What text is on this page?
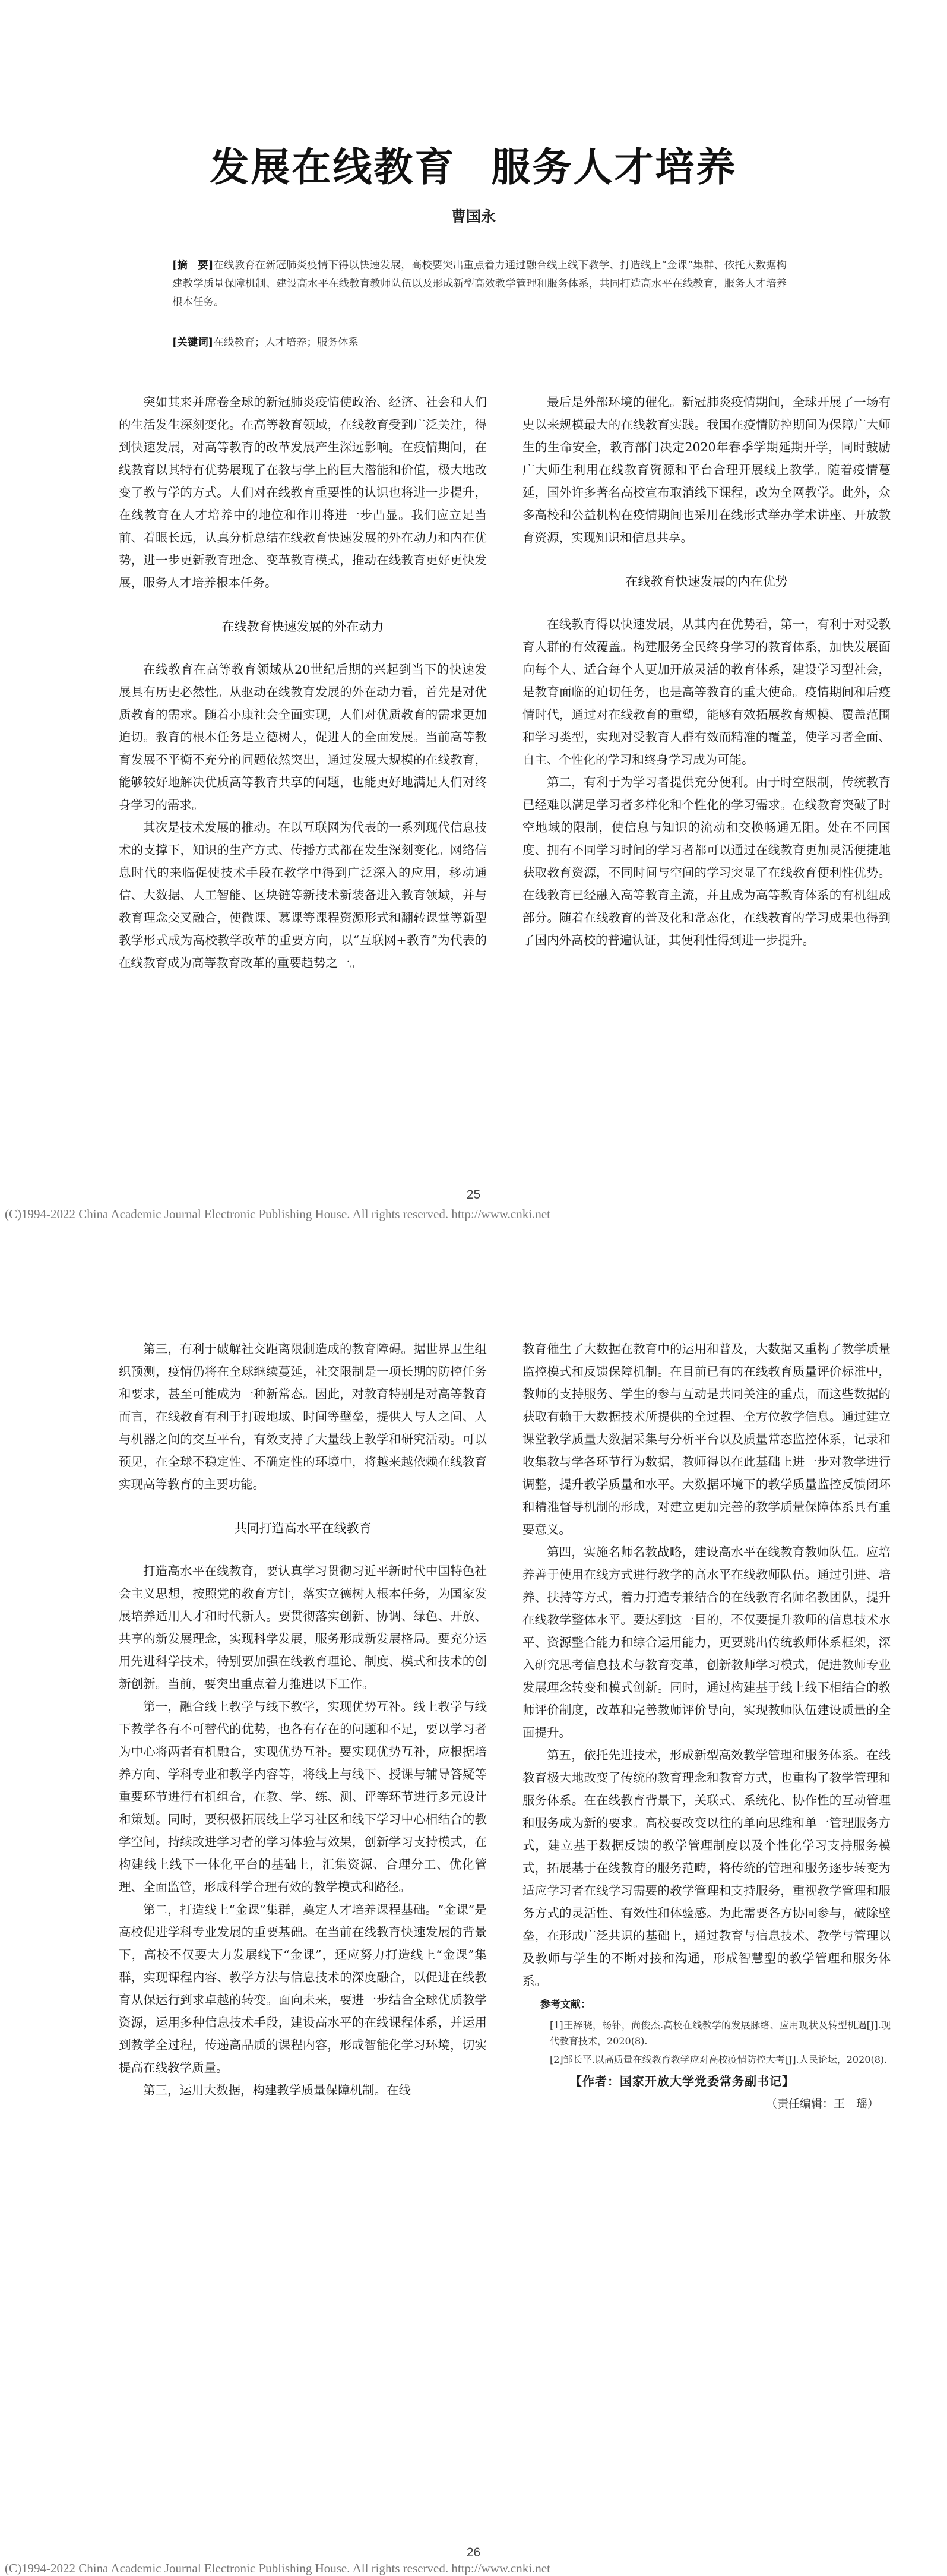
发展在线教育 服务人才培养
曹国永
[摘　要]在线教育在新冠肺炎疫情下得以快速发展，高校要突出重点着力通过融合线上线下教学、打造线上“金课”集群、依托大数据构建教学质量保障机制、建设高水平在线教育教师队伍以及形成新型高效教学管理和服务体系，共同打造高水平在线教育，服务人才培养根本任务。
[关键词]在线教育；人才培养；服务体系

突如其来并席卷全球的新冠肺炎疫情使政治、经济、社会和人们的生活发生深刻变化。在高等教育领域，在线教育受到广泛关注，得到快速发展，对高等教育的改革发展产生深远影响。在疫情期间，在线教育以其特有优势展现了在教与学上的巨大潜能和价值，极大地改变了教与学的方式。人们对在线教育重要性的认识也将进一步提升，在线教育在人才培养中的地位和作用将进一步凸显。我们应立足当前、着眼长远，认真分析总结在线教育快速发展的外在动力和内在优势，进一步更新教育理念、变革教育模式，推动在线教育更好更快发展，服务人才培养根本任务。

在线教育快速发展的外在动力

在线教育在高等教育领域从20世纪后期的兴起到当下的快速发展具有历史必然性。从驱动在线教育发展的外在动力看，首先是对优质教育的需求。随着小康社会全面实现，人们对优质教育的需求更加迫切。教育的根本任务是立德树人，促进人的全面发展。当前高等教育发展不平衡不充分的问题依然突出，通过发展大规模的在线教育，能够较好地解决优质高等教育共享的问题，也能更好地满足人们对终身学习的需求。

其次是技术发展的推动。在以互联网为代表的一系列现代信息技术的支撑下，知识的生产方式、传播方式都在发生深刻变化。网络信息时代的来临促使技术手段在教学中得到广泛深入的应用，移动通信、大数据、人工智能、区块链等新技术新装备进入教育领域，并与教育理念交叉融合，使微课、慕课等课程资源形式和翻转课堂等新型教学形式成为高校教学改革的重要方向，以“互联网+教育”为代表的在线教育成为高等教育改革的重要趋势之一。

最后是外部环境的催化。新冠肺炎疫情期间，全球开展了一场有史以来规模最大的在线教育实践。我国在疫情防控期间为保障广大师生的生命安全，教育部门决定2020年春季学期延期开学，同时鼓励广大师生利用在线教育资源和平台合理开展线上教学。随着疫情蔓延，国外许多著名高校宣布取消线下课程，改为全网教学。此外，众多高校和公益机构在疫情期间也采用在线形式举办学术讲座、开放教育资源，实现知识和信息共享。

在线教育快速发展的内在优势

在线教育得以快速发展，从其内在优势看，第一，有利于对受教育人群的有效覆盖。构建服务全民终身学习的教育体系，加快发展面向每个人、适合每个人更加开放灵活的教育体系，建设学习型社会，是教育面临的迫切任务，也是高等教育的重大使命。疫情期间和后疫情时代，通过对在线教育的重塑，能够有效拓展教育规模、覆盖范围和学习类型，实现对受教育人群有效而精准的覆盖，使学习者全面、自主、个性化的学习和终身学习成为可能。

第二，有利于为学习者提供充分便利。由于时空限制，传统教育已经难以满足学习者多样化和个性化的学习需求。在线教育突破了时空地域的限制，使信息与知识的流动和交换畅通无阻。处在不同国度、拥有不同学习时间的学习者都可以通过在线教育更加灵活便捷地获取教育资源，不同时间与空间的学习突显了在线教育便利性优势。在线教育已经融入高等教育主流，并且成为高等教育体系的有机组成部分。随着在线教育的普及化和常态化，在线教育的学习成果也得到了国内外高校的普遍认证，其便利性得到进一步提升。

25
(C)1994-2022 China Academic Journal Electronic Publishing House. All rights reserved. http://www.cnki.net

第三，有利于破解社交距离限制造成的教育障碍。据世界卫生组织预测，疫情仍将在全球继续蔓延，社交限制是一项长期的防控任务和要求，甚至可能成为一种新常态。因此，对教育特别是对高等教育而言，在线教育有利于打破地域、时间等壁垒，提供人与人之间、人与机器之间的交互平台，有效支持了大量线上教学和研究活动。可以预见，在全球不稳定性、不确定性的环境中，将越来越依赖在线教育实现高等教育的主要功能。

共同打造高水平在线教育

打造高水平在线教育，要认真学习贯彻习近平新时代中国特色社会主义思想，按照党的教育方针，落实立德树人根本任务，为国家发展培养适用人才和时代新人。要贯彻落实创新、协调、绿色、开放、共享的新发展理念，实现科学发展，服务形成新发展格局。要充分运用先进科学技术，特别要加强在线教育理论、制度、模式和技术的创新创新。当前，要突出重点着力推进以下工作。

第一，融合线上教学与线下教学，实现优势互补。线上教学与线下教学各有不可替代的优势，也各有存在的问题和不足，要以学习者为中心将两者有机融合，实现优势互补。要实现优势互补，应根据培养方向、学科专业和教学内容等，将线上与线下、授课与辅导答疑等重要环节进行有机组合，在教、学、练、测、评等环节进行多元设计和策划。同时，要积极拓展线上学习社区和线下学习中心相结合的教学空间，持续改进学习者的学习体验与效果，创新学习支持模式，在构建线上线下一体化平台的基础上，汇集资源、合理分工、优化管理、全面监管，形成科学合理有效的教学模式和路径。

第二，打造线上“金课”集群，奠定人才培养课程基础。“金课”是高校促进学科专业发展的重要基础。在当前在线教育快速发展的背景下，高校不仅要大力发展线下“金课”，还应努力打造线上“金课”集群，实现课程内容、教学方法与信息技术的深度融合，以促进在线教育从保运行到求卓越的转变。面向未来，要进一步结合全球优质教学资源，运用多种信息技术手段，建设高水平的在线课程体系，并运用到教学全过程，传递高品质的课程内容，形成智能化学习环境，切实提高在线教学质量。

第三，运用大数据，构建教学质量保障机制。在线

教育催生了大数据在教育中的运用和普及，大数据又重构了教学质量监控模式和反馈保障机制。在目前已有的在线教育质量评价标准中，教师的支持服务、学生的参与互动是共同关注的重点，而这些数据的获取有赖于大数据技术所提供的全过程、全方位教学信息。通过建立课堂教学质量大数据采集与分析平台以及质量常态监控体系，记录和收集教与学各环节行为数据，教师得以在此基础上进一步对教学进行调整，提升教学质量和水平。大数据环境下的教学质量监控反馈闭环和精准督导机制的形成，对建立更加完善的教学质量保障体系具有重要意义。

第四，实施名师名教战略，建设高水平在线教育教师队伍。应培养善于使用在线方式进行教学的高水平在线教师队伍。通过引进、培养、扶持等方式，着力打造专兼结合的在线教育名师名教团队，提升在线教学整体水平。要达到这一目的，不仅要提升教师的信息技术水平、资源整合能力和综合运用能力，更要跳出传统教师体系框架，深入研究思考信息技术与教育变革，创新教师学习模式，促进教师专业发展理念转变和模式创新。同时，通过构建基于线上线下相结合的教师评价制度，改革和完善教师评价导向，实现教师队伍建设质量的全面提升。

第五，依托先进技术，形成新型高效教学管理和服务体系。在线教育极大地改变了传统的教育理念和教育方式，也重构了教学管理和服务体系。在在线教育背景下，关联式、系统化、协作性的互动管理和服务成为新的要求。高校要改变以往的单向思维和单一管理服务方式，建立基于数据反馈的教学管理制度以及个性化学习支持服务模式，拓展基于在线教育的服务范畴，将传统的管理和服务逐步转变为适应学习者在线学习需要的教学管理和支持服务，重视教学管理和服务方式的灵活性、有效性和体验感。为此需要各方协同参与，破除壁垒，在形成广泛共识的基础上，通过教育与信息技术、教学与管理以及教师与学生的不断对接和沟通，形成智慧型的教学管理和服务体系。

参考文献：

[1]王辞晓，杨钋，尚俊杰.高校在线教学的发展脉络、应用现状及转型机遇[J].现代教育技术，2020(8).

[2]邹长平.以高质量在线教育教学应对高校疫情防控大考[J].人民论坛，2020(8).

【作者：国家开放大学党委常务副书记】

（责任编辑：王　瑶）

26
(C)1994-2022 China Academic Journal Electronic Publishing House. All rights reserved. http://www.cnki.net
